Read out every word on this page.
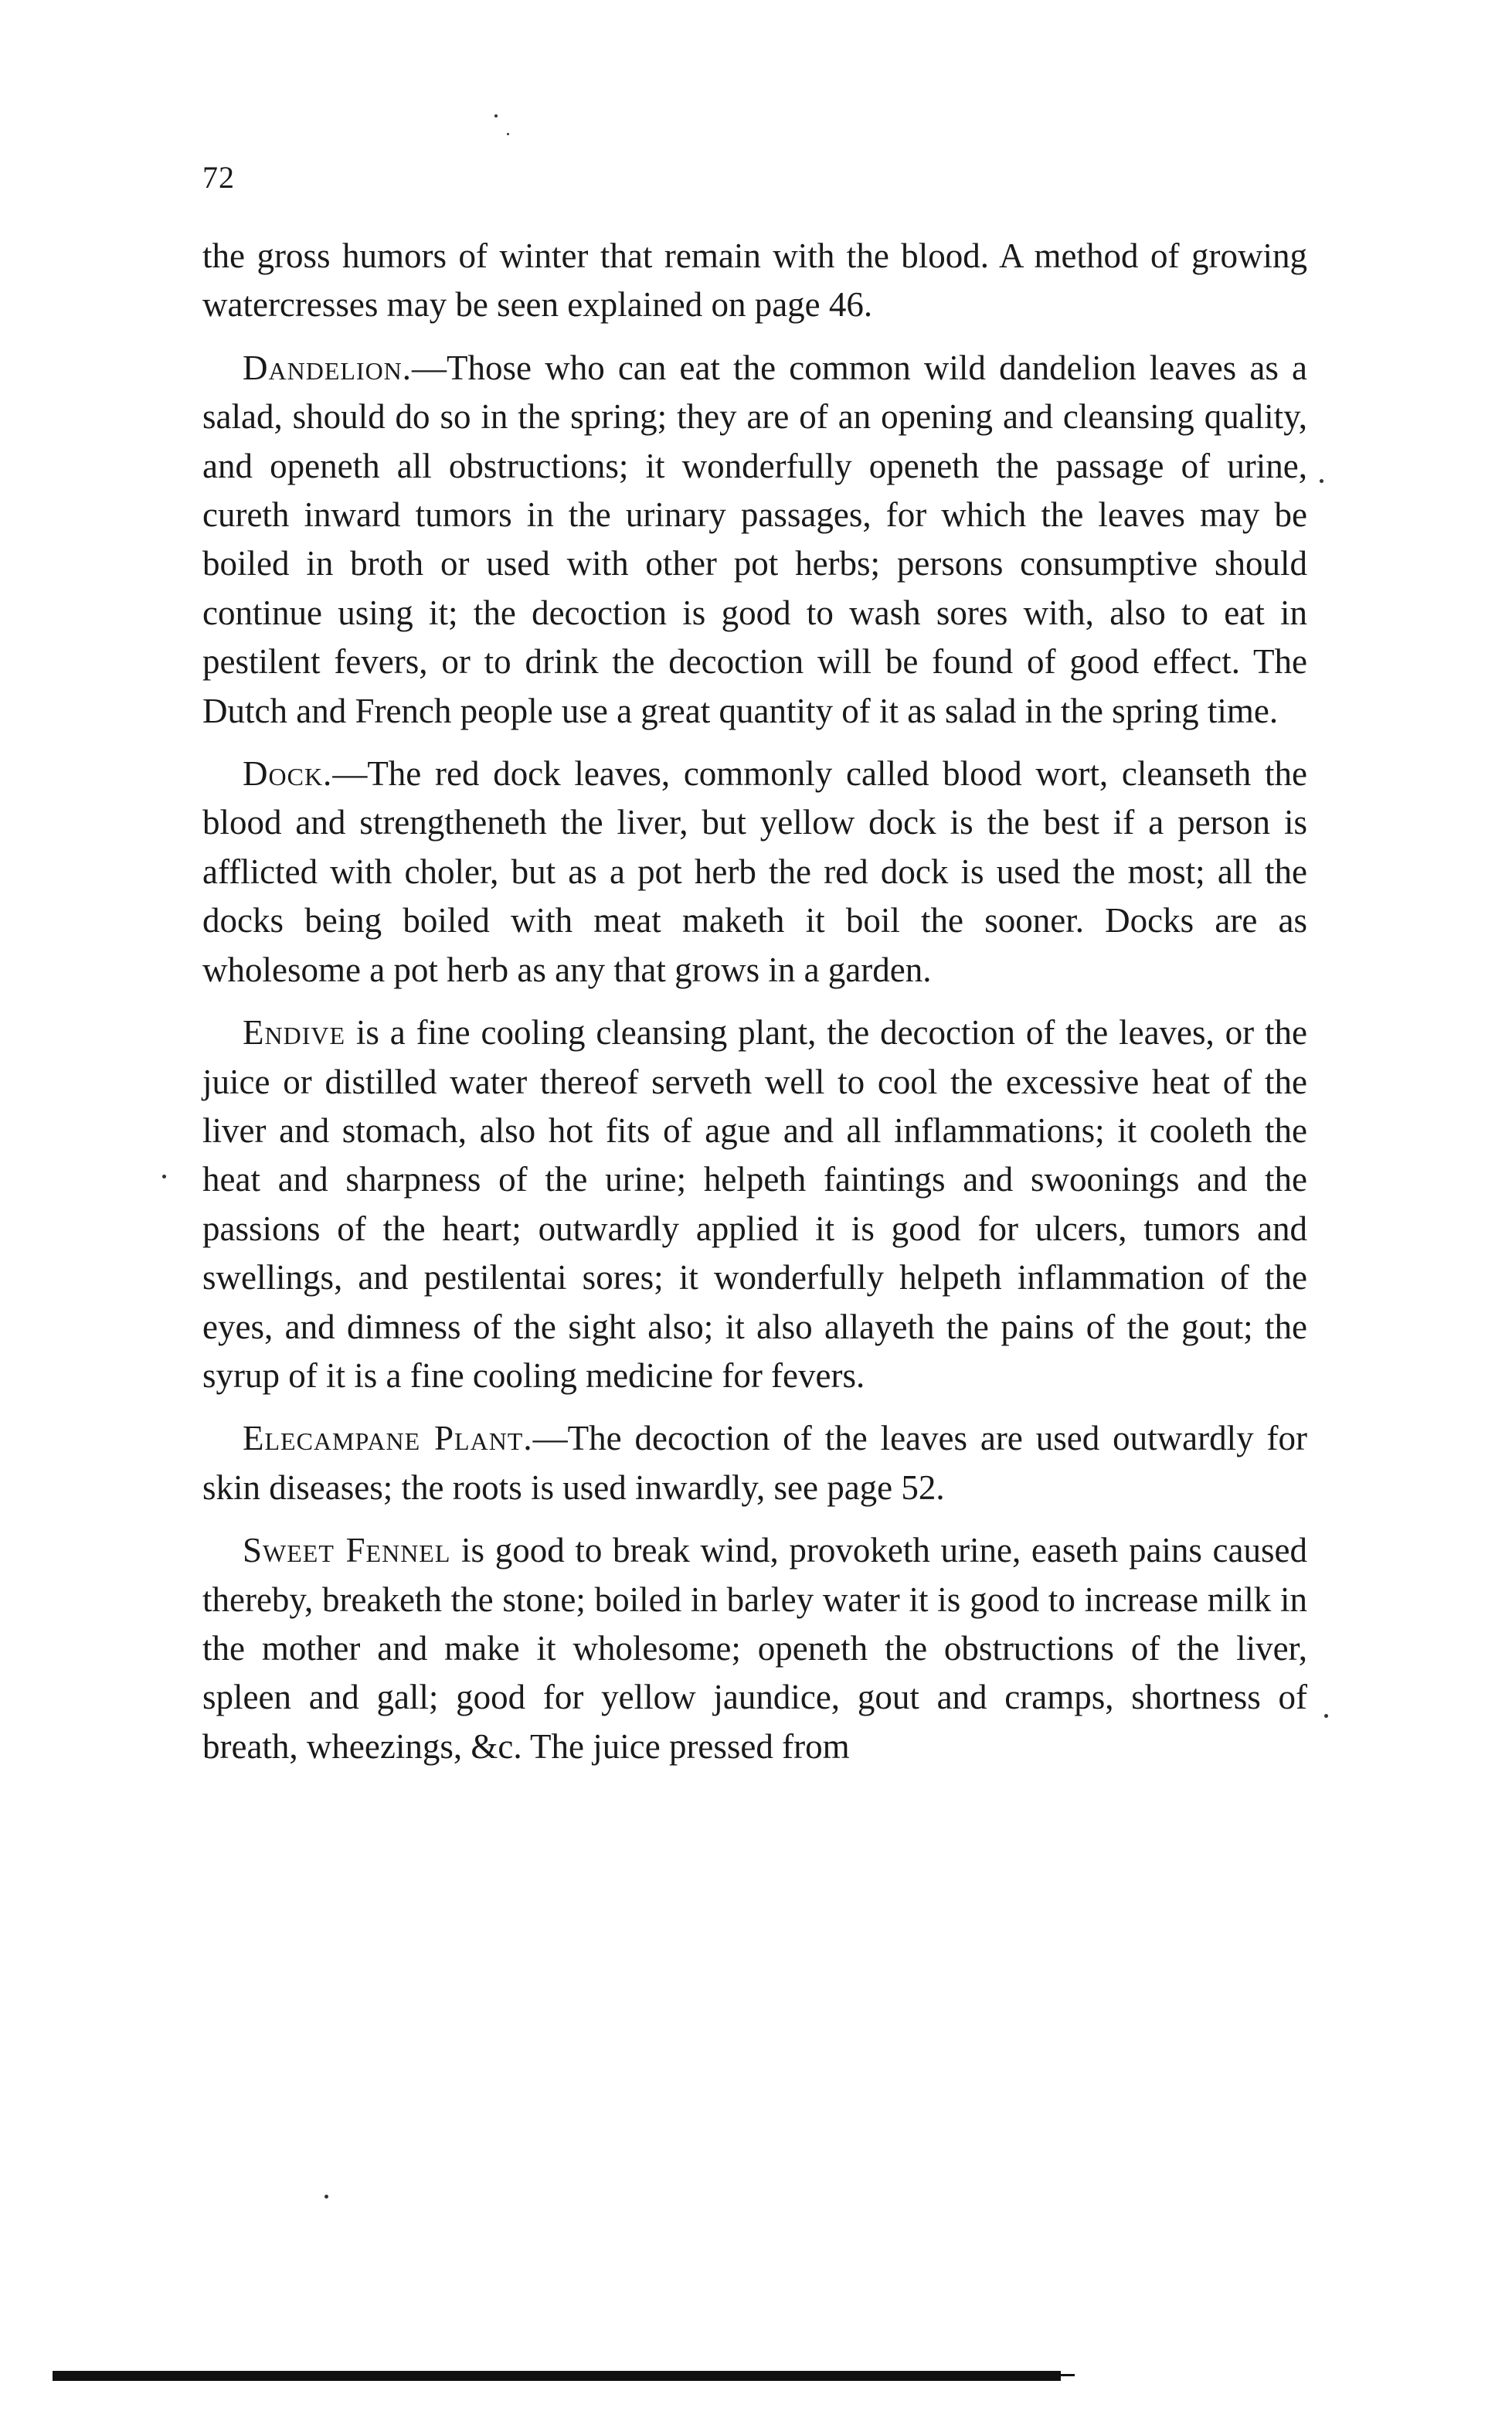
72

the gross humors of winter that remain with the blood. A method of growing watercresses may be seen explained on page 46.

Dandelion.—Those who can eat the common wild dandelion leaves as a salad, should do so in the spring; they are of an opening and cleansing quality, and openeth all obstructions; it wonderfully openeth the passage of urine, cureth inward tumors in the urinary passages, for which the leaves may be boiled in broth or used with other pot herbs; persons consumptive should continue using it; the decoction is good to wash sores with, also to eat in pestilent fevers, or to drink the decoction will be found of good effect. The Dutch and French people use a great quantity of it as salad in the spring time.

Dock.—The red dock leaves, commonly called blood wort, cleanseth the blood and strengtheneth the liver, but yellow dock is the best if a person is afflicted with choler, but as a pot herb the red dock is used the most; all the docks being boiled with meat maketh it boil the sooner. Docks are as wholesome a pot herb as any that grows in a garden.

Endive is a fine cooling cleansing plant, the decoction of the leaves, or the juice or distilled water thereof serveth well to cool the excessive heat of the liver and stomach, also hot fits of ague and all inflammations; it cooleth the heat and sharpness of the urine; helpeth faintings and swoonings and the passions of the heart; outwardly applied it is good for ulcers, tumors and swellings, and pestilentai sores; it wonderfully helpeth inflammation of the eyes, and dimness of the sight also; it also allayeth the pains of the gout; the syrup of it is a fine cooling medicine for fevers.

Elecampane Plant.—The decoction of the leaves are used outwardly for skin diseases; the roots is used inwardly, see page 52.

Sweet Fennel is good to break wind, provoketh urine, easeth pains caused thereby, breaketh the stone; boiled in barley water it is good to increase milk in the mother and make it wholesome; openeth the obstructions of the liver, spleen and gall; good for yellow jaundice, gout and cramps, shortness of breath, wheezings, &c. The juice pressed from
